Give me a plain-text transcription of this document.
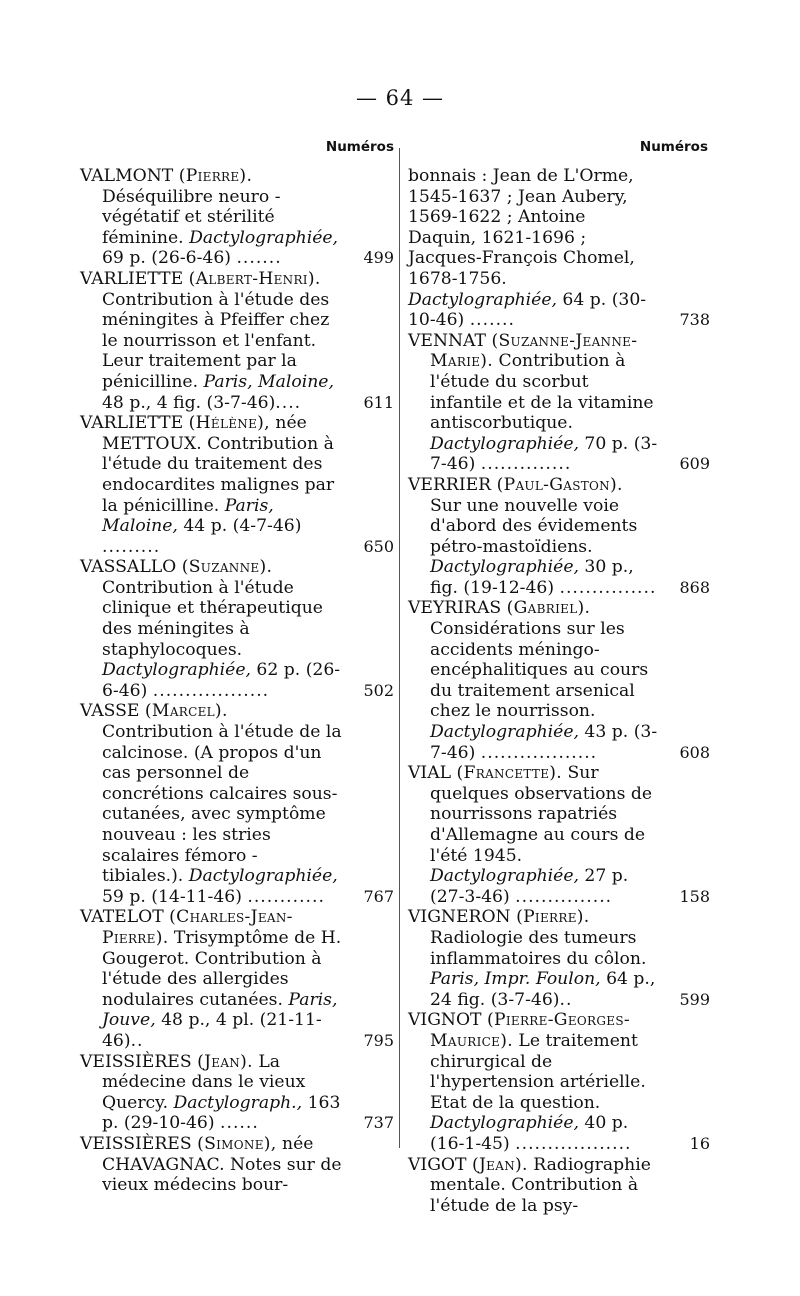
— 64 —
Numéros
VALMONT (Pierre). Déséquilibre neuro - végétatif et stérilité féminine. Dactylographiée, 69 p. (26-6-46) .......	499
VARLIETTE (Albert-Henri). Contribution à l'étude des méningites à Pfeiffer chez le nourrisson et l'enfant. Leur traitement par la pénicilline. Paris, Maloine, 48 p., 4 fig. (3-7-46)....	611
VARLIETTE (Hélène), née METTOUX. Contribution à l'étude du traitement des endocardites malignes par la pénicilline. Paris, Maloine, 44 p. (4-7-46) .........	650
VASSALLO (Suzanne). Contribution à l'étude clinique et thérapeutique des méningites à staphylocoques. Dactylographiée, 62 p. (26-6-46) ..................	502
VASSE (Marcel). Contribution à l'étude de la calcinose. (A propos d'un cas personnel de concrétions calcaires sous-cutanées, avec symptôme nouveau : les stries scalaires fémoro - tibiales.). Dactylographiée, 59 p. (14-11-46) ............ 767
VATELOT (Charles-Jean-Pierre). Trisymptôme de H. Gougerot. Contribution à l'étude des allergides nodulaires cutanées. Paris, Jouve, 48 p., 4 pl. (21-11-46)..	795
VEISSIÈRES (Jean). La médecine dans le vieux Quercy. Dactylograph., 163 p. (29-10-46) ......	737
VEISSIÈRES (Simone), née CHAVAGNAC. Notes sur de vieux médecins bour-
Numéros
bonnais : Jean de L'Orme, 1545-1637 ; Jean Aubery, 1569-1622 ; Antoine Daquin, 1621-1696 ; Jacques-François Chomel, 1678-1756. Dactylographiée, 64 p. (30-10-46) .......	738
VENNAT (Suzanne-Jeanne-Marie). Contribution à l'étude du scorbut infantile et de la vitamine antiscorbutique. Dactylographiée, 70 p. (3-7-46) ..............	609
VERRIER (Paul-Gaston). Sur une nouvelle voie d'abord des évidements pétro-mastoïdiens. Dactylographiée, 30 p., fig. (19-12-46) ............... 868
VEYRIRAS (Gabriel). Considérations sur les accidents méningo-encéphalitiques au cours du traitement arsenical chez le nourrisson. Dactylographiée, 43 p. (3-7-46) ..................	608
VIAL (Francette). Sur quelques observations de nourrissons rapatriés d'Allemagne au cours de l'été 1945. Dactylographiée, 27 p. (27-3-46) ...............	158
VIGNERON (Pierre). Radiologie des tumeurs inflammatoires du côlon. Paris, Impr. Foulon, 64 p., 24 fig. (3-7-46)..	599
VIGNOT (Pierre-Georges-Maurice). Le traitement chirurgical de l'hypertension artérielle. Etat de la question. Dactylographiée, 40 p. (16-1-45) ..................	16
VIGOT (Jean). Radiographie mentale. Contribution à l'étude de la psy-
